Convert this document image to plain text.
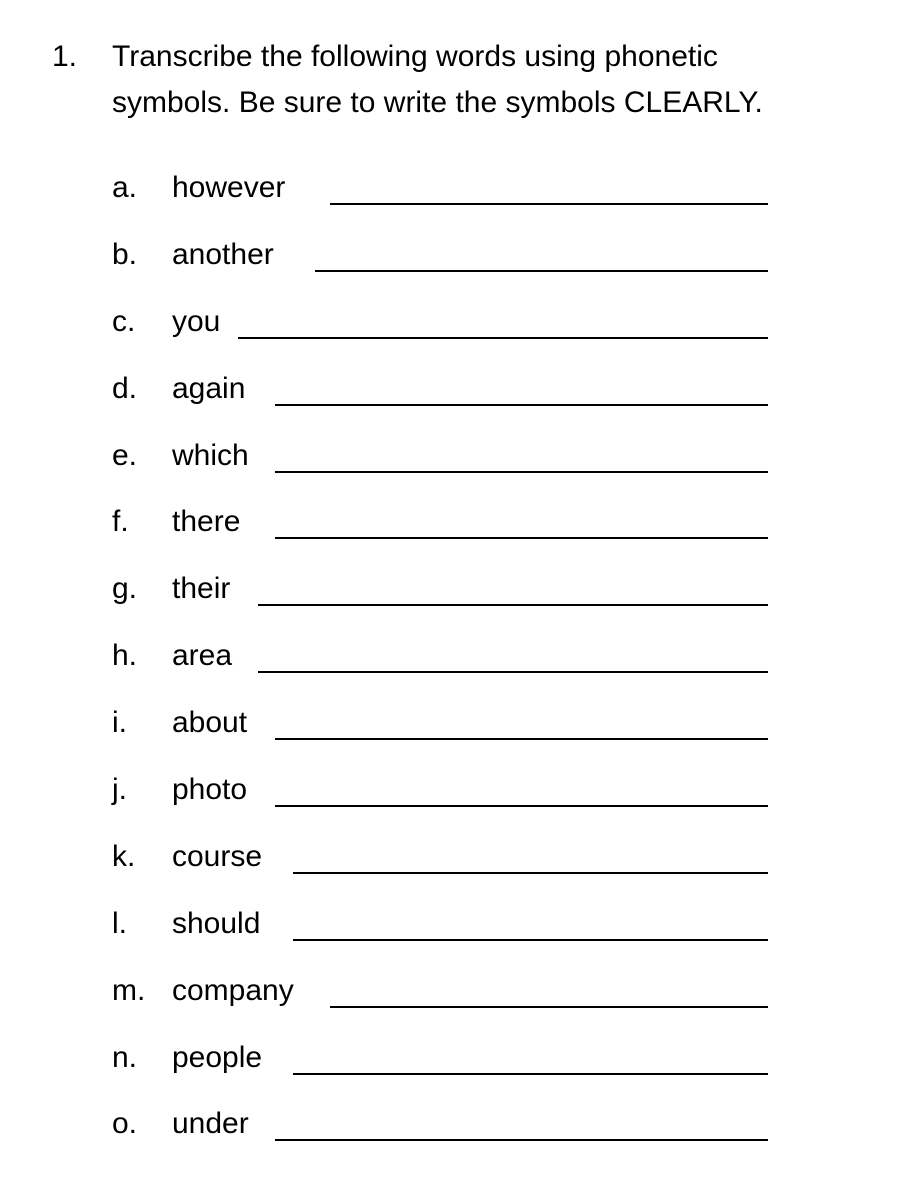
1. Transcribe the following words using phonetic
symbols. Be sure to write the symbols CLEARLY.
a. however
b. another
c. you
d. again
e. which
f. there
g. their
h. area
i. about
j. photo
k. course
l. should
m. company
n. people
o. under
